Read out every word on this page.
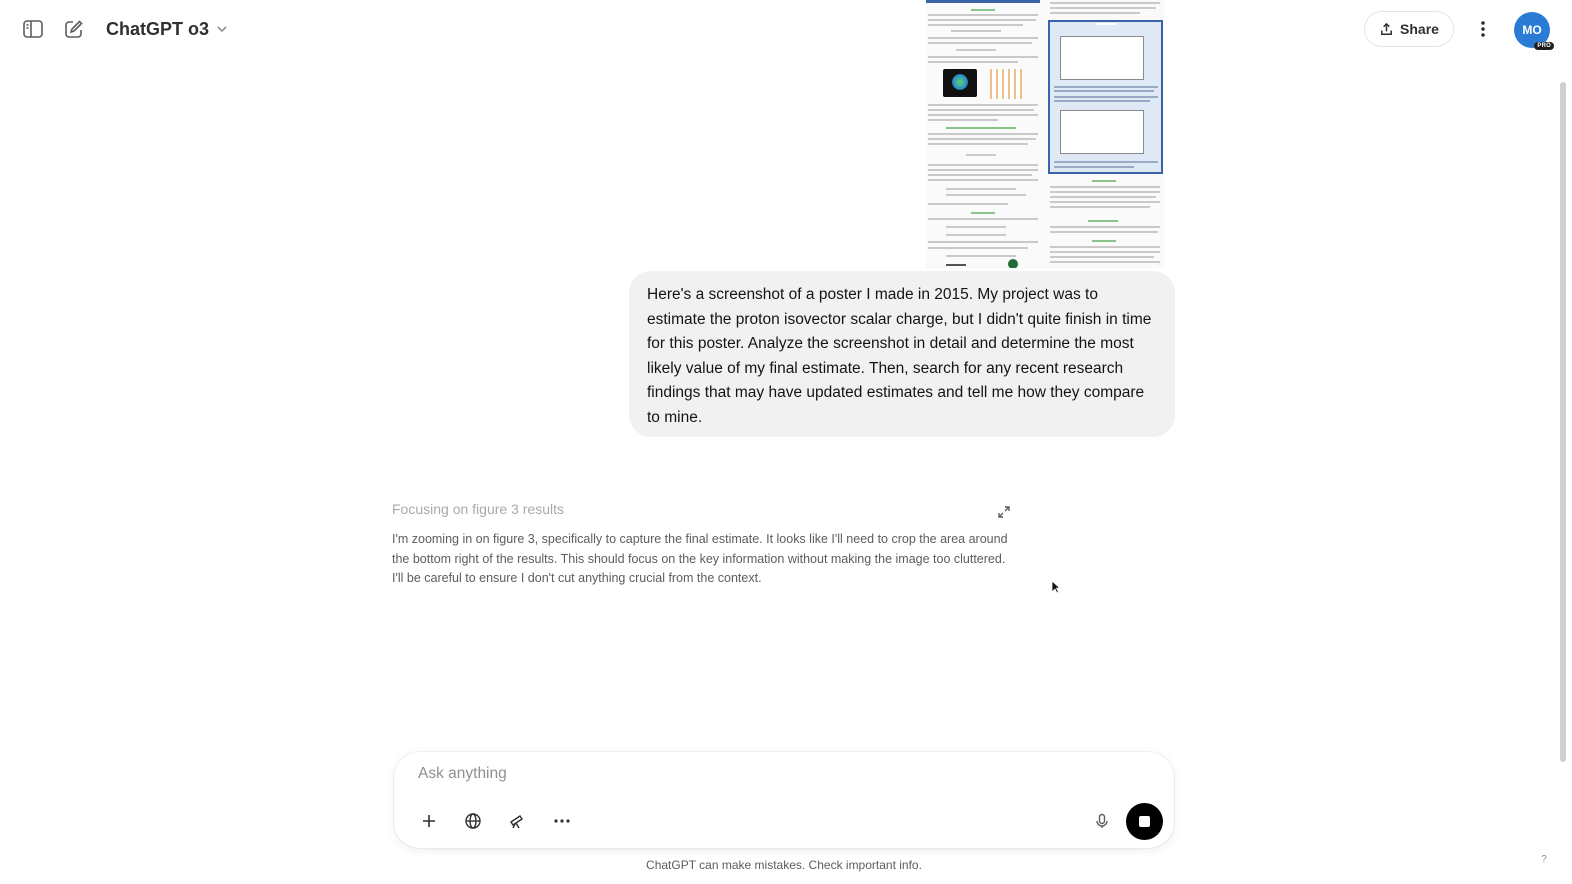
ChatGPT o3	Share	MO
PRO
Here's a screenshot of a poster I made in 2015. My project was to estimate the proton isovector scalar charge, but I didn't quite finish in time for this poster. Analyze the screenshot in detail and determine the most likely value of my final estimate. Then, search for any recent research findings that may have updated estimates and tell me how they compare to mine.
Focusing on figure 3 results
I'm zooming in on figure 3, specifically to capture the final estimate. It looks like I'll need to crop the area around the bottom right of the results. This should focus on the key information without making the image too cluttered. I'll be careful to ensure I don't cut anything crucial from the context.
Ask anything
ChatGPT can make mistakes. Check important info.	?
